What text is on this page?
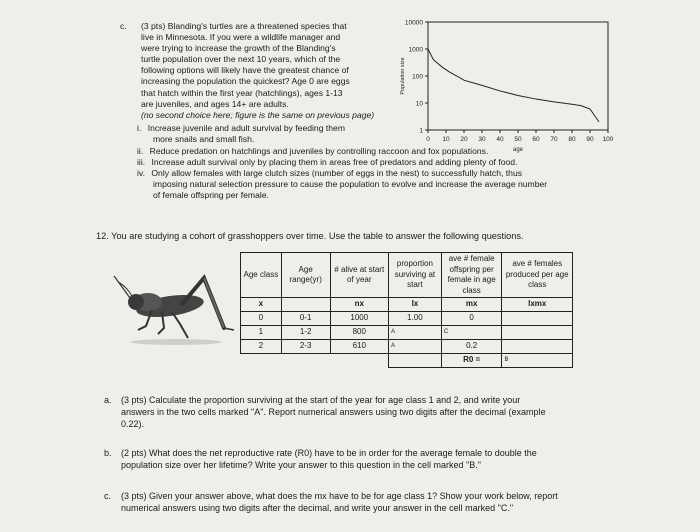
c. (3 pts) Blanding's turtles are a threatened species that
live in Minnesota. If you were a wildlife manager and
were trying to increase the growth of the Blanding's
turtle population over the next 10 years, which of the
following options will likely have the greatest chance of
increasing the population the quickest? Age 0 are eggs
that hatch within the first year (hatchlings), ages 1-13
are juveniles, and ages 14+ are adults.
(no second choice here; figure is the same on previous page)
i. Increase juvenile and adult survival by feeding them
more snails and small fish.
ii. Reduce predation on hatchlings and juveniles by controlling raccoon and fox populations.
iii. Increase adult survival only by placing them in areas free of predators and adding plenty of food.
iv. Only allow females with large clutch sizes (number of eggs in the nest) to successfully hatch, thus
imposing natural selection pressure to cause the population to evolve and increase the average number
of female offspring per female.
1
10
100
1000
10000
0 10 20 30 40 50 60 70 80 90 100
age
Population size
12. You are studying a cohort of grasshoppers over time. Use the table to answer the following questions.
Age class	Age range(yr)	# alive at start of year	proportion surviving at start	ave # female offspring per female in age class	ave # females produced per age class
x		nx	lx	mx	lxmx
0	0-1	1000	1.00	0	
1	1-2	800	A	C	
2	2-3	610	A	0.2	
				R0 =	B
a. (3 pts) Calculate the proportion surviving at the start of the year for age class 1 and 2, and write your
answers in the two cells marked "A". Report numerical answers using two digits after the decimal (example
0.22).
b. (2 pts) What does the net reproductive rate (R0) have to be in order for the average female to double the
population size over her lifetime? Write your answer to this question in the cell marked "B."
c. (3 pts) Given your answer above, what does the mx have to be for age class 1? Show your work below, report
numerical answers using two digits after the decimal, and write your answer in the cell marked "C."
